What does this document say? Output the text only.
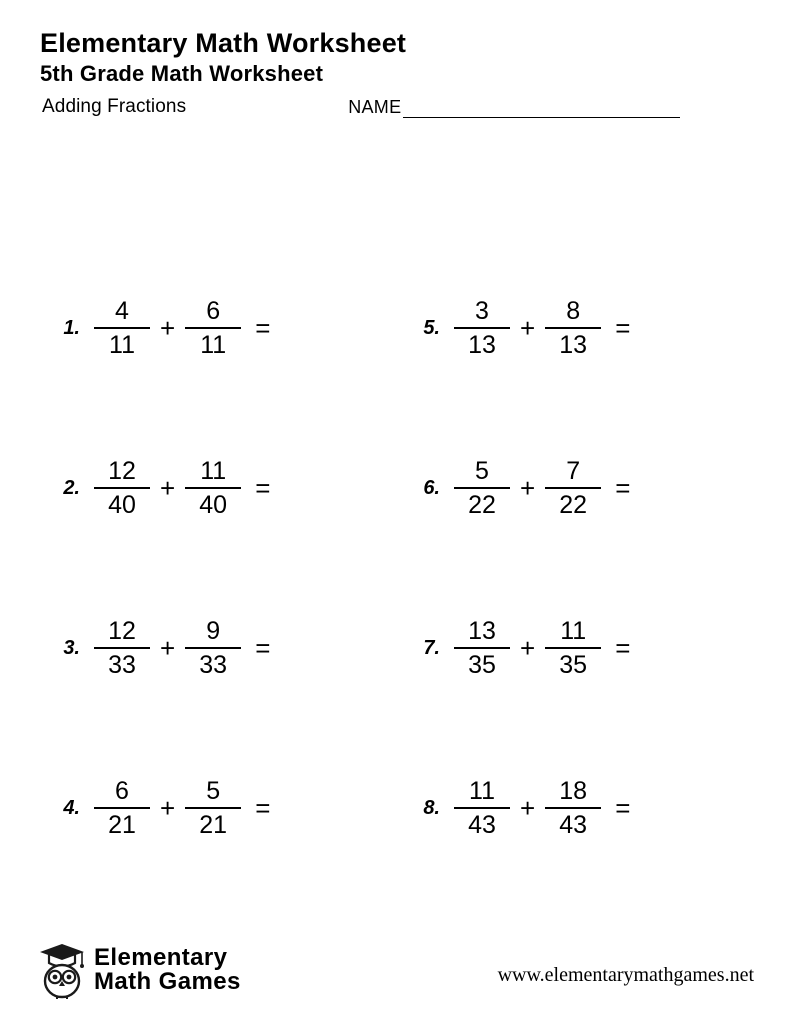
Elementary Math Worksheet
5th Grade Math Worksheet
Adding Fractions	NAME
1. $\frac{4}{11} + \frac{6}{11}$ =	5. $\frac{3}{13} + \frac{8}{13}$ =
2. $\frac{12}{40} + \frac{11}{40}$ =	6. $\frac{5}{22} + \frac{7}{22}$ =
3. $\frac{12}{33} + \frac{9}{33}$ =	7. $\frac{13}{35} + \frac{11}{35}$ =
4. $\frac{6}{21} + \frac{5}{21}$ =	8. $\frac{11}{43} + \frac{18}{43}$ =
Elementary
Math Games	www.elementarymathgames.net
